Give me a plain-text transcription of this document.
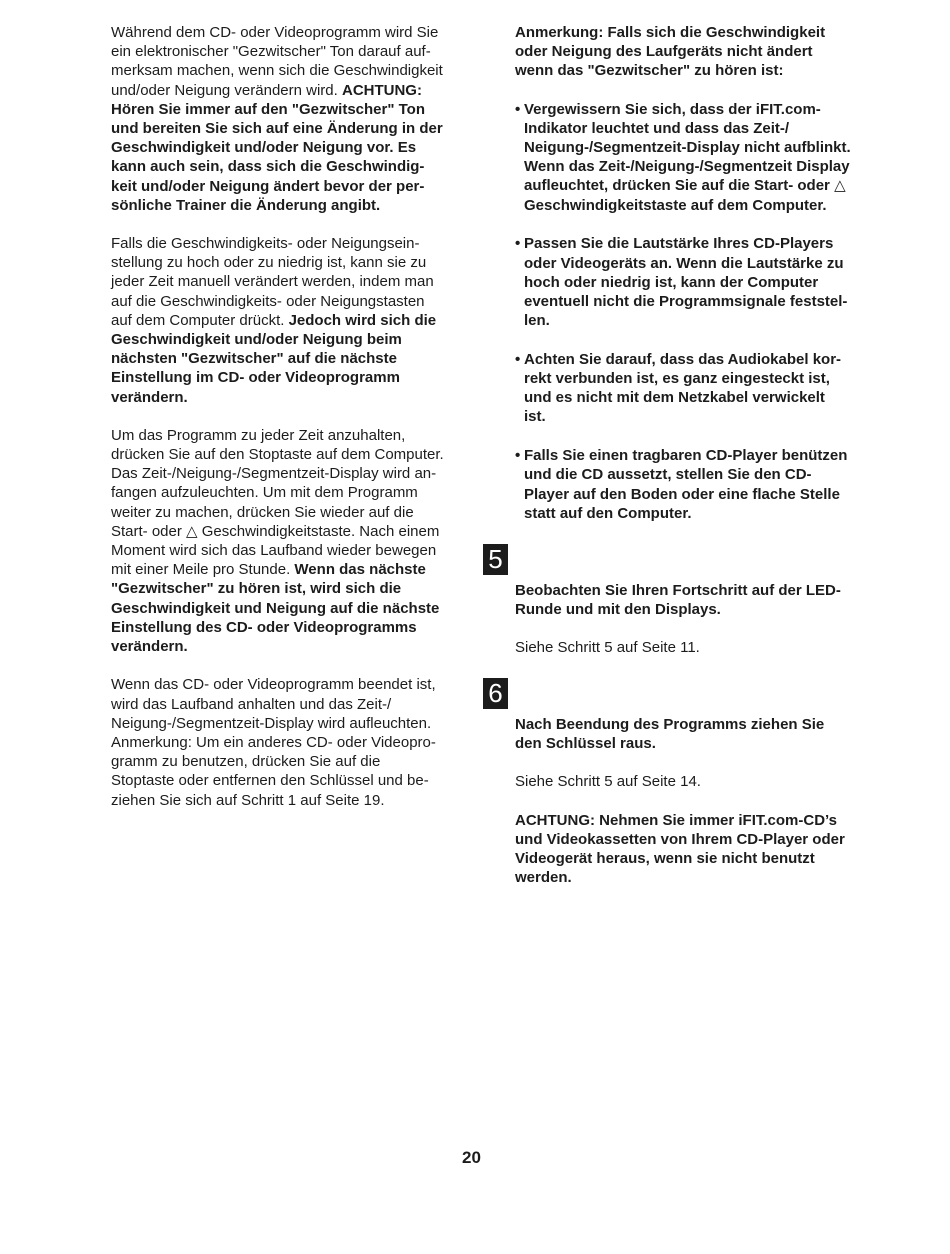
Während dem CD- oder Videoprogramm wird Sie
ein elektronischer "Gezwitscher" Ton darauf auf-
merksam machen, wenn sich die Geschwindigkeit
und/oder Neigung verändern wird. ACHTUNG:
Hören Sie immer auf den "Gezwitscher" Ton
und bereiten Sie sich auf eine Änderung in der
Geschwindigkeit und/oder Neigung vor. Es
kann auch sein, dass sich die Geschwindig-
keit und/oder Neigung ändert bevor der per-
sönliche Trainer die Änderung angibt.

Falls die Geschwindigkeits- oder Neigungsein-
stellung zu hoch oder zu niedrig ist, kann sie zu
jeder Zeit manuell verändert werden, indem man
auf die Geschwindigkeits- oder Neigungstasten
auf dem Computer drückt. Jedoch wird sich die
Geschwindigkeit und/oder Neigung beim
nächsten "Gezwitscher" auf die nächste
Einstellung im CD- oder Videoprogramm
verändern.

Um das Programm zu jeder Zeit anzuhalten,
drücken Sie auf den Stoptaste auf dem Computer.
Das Zeit-/Neigung-/Segmentzeit-Display wird an-
fangen aufzuleuchten. Um mit dem Programm
weiter zu machen, drücken Sie wieder auf die
Start- oder △ Geschwindigkeitstaste. Nach einem
Moment wird sich das Laufband wieder bewegen
mit einer Meile pro Stunde. Wenn das nächste
"Gezwitscher" zu hören ist, wird sich die
Geschwindigkeit und Neigung auf die nächste
Einstellung des CD- oder Videoprogramms
verändern.

Wenn das CD- oder Videoprogramm beendet ist,
wird das Laufband anhalten und das Zeit-/
Neigung-/Segmentzeit-Display wird aufleuchten.
Anmerkung: Um ein anderes CD- oder Videopro-
gramm zu benutzen, drücken Sie auf die
Stoptaste oder entfernen den Schlüssel und be-
ziehen Sie sich auf Schritt 1 auf Seite 19.

Anmerkung: Falls sich die Geschwindigkeit
oder Neigung des Laufgeräts nicht ändert
wenn das "Gezwitscher" zu hören ist:

• Vergewissern Sie sich, dass der iFIT.com-
Indikator leuchtet und dass das Zeit-/
Neigung-/Segmentzeit-Display nicht aufblinkt.
Wenn das Zeit-/Neigung-/Segmentzeit Display
aufleuchtet, drücken Sie auf die Start- oder △
Geschwindigkeitstaste auf dem Computer.
• Passen Sie die Lautstärke Ihres CD-Players
oder Videogeräts an. Wenn die Lautstärke zu
hoch oder niedrig ist, kann der Computer
eventuell nicht die Programmsignale feststel-
len.
• Achten Sie darauf, dass das Audiokabel kor-
rekt verbunden ist, es ganz eingesteckt ist,
und es nicht mit dem Netzkabel verwickelt
ist.
• Falls Sie einen tragbaren CD-Player benützen
und die CD aussetzt, stellen Sie den CD-
Player auf den Boden oder eine flache Stelle
statt auf den Computer.

5

Beobachten Sie Ihren Fortschritt auf der LED-
Runde und mit den Displays.

Siehe Schritt 5 auf Seite 11.

6

Nach Beendung des Programms ziehen Sie
den Schlüssel raus.

Siehe Schritt 5 auf Seite 14.

ACHTUNG: Nehmen Sie immer iFIT.com-CD’s
und Videokassetten von Ihrem CD-Player oder
Videogerät heraus, wenn sie nicht benutzt
werden.

20
